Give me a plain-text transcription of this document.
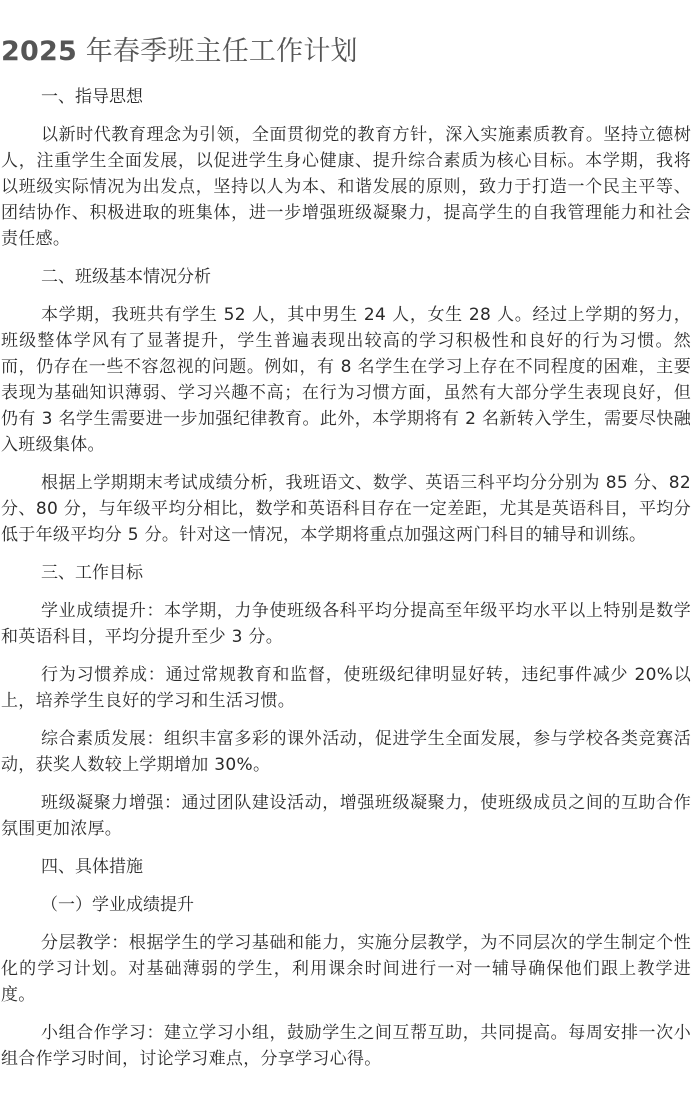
2025 年春季班主任工作计划
一、指导思想

以新时代教育理念为引领，全面贯彻党的教育方针，深入实施素质教育。坚持立德树人，注重学生全面发展，以促进学生身心健康、提升综合素质为核心目标。本学期，我将以班级实际情况为出发点，坚持以人为本、和谐发展的原则，致力于打造一个民主平等、团结协作、积极进取的班集体，进一步增强班级凝聚力，提高学生的自我管理能力和社会责任感。

二、班级基本情况分析

本学期，我班共有学生 52 人，其中男生 24 人，女生 28 人。经过上学期的努力，班级整体学风有了显著提升，学生普遍表现出较高的学习积极性和良好的行为习惯。然而，仍存在一些不容忽视的问题。例如，有 8 名学生在学习上存在不同程度的困难，主要表现为基础知识薄弱、学习兴趣不高；在行为习惯方面，虽然有大部分学生表现良好，但仍有 3 名学生需要进一步加强纪律教育。此外，本学期将有 2 名新转入学生，需要尽快融入班级集体。

根据上学期期末考试成绩分析，我班语文、数学、英语三科平均分分别为 85 分、82 分、80 分，与年级平均分相比，数学和英语科目存在一定差距，尤其是英语科目，平均分低于年级平均分 5 分。针对这一情况，本学期将重点加强这两门科目的辅导和训练。

三、工作目标

学业成绩提升：本学期，力争使班级各科平均分提高至年级平均水平以上特别是数学和英语科目，平均分提升至少 3 分。

行为习惯养成：通过常规教育和监督，使班级纪律明显好转，违纪事件减少 20%以上，培养学生良好的学习和生活习惯。

综合素质发展：组织丰富多彩的课外活动，促进学生全面发展，参与学校各类竞赛活动，获奖人数较上学期增加 30%。

班级凝聚力增强：通过团队建设活动，增强班级凝聚力，使班级成员之间的互助合作氛围更加浓厚。

四、具体措施
（一）学业成绩提升

分层教学：根据学生的学习基础和能力，实施分层教学，为不同层次的学生制定个性化的学习计划。对基础薄弱的学生，利用课余时间进行一对一辅导确保他们跟上教学进度。

小组合作学习：建立学习小组，鼓励学生之间互帮互助，共同提高。每周安排一次小组合作学习时间，讨论学习难点，分享学习心得。
